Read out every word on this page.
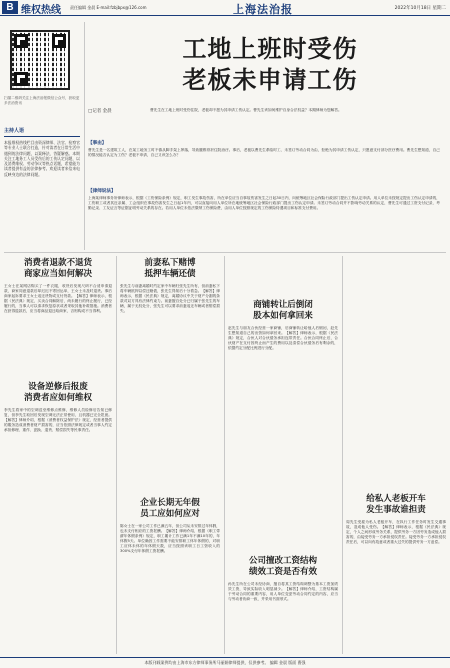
B 维权热线 责任编辑 金晨 E-mail:fzbjbpx@126.com	上海法治报	2022年10月18日 星期二
扫描二维码关注上海法治报微信公众号，获取更多法治资讯
主持人语
本报维权热线栏目由资深律师、法官、检察官等专业人士联合打造，针对读者在日常生活中遇到的法律问题，以案释法，答疑解惑。本期关注工地务工人员受伤后的工伤认定问题，以及消费维权、劳动争议等热点话题，希望能为读者提供有益的法律参考。欢迎读者来信来电反映身边的法律问题。
工地上班时受伤
老板未申请工伤
□记者 金晨	曹先生在工地上班时受伤住院，老板却不愿为其申请工伤认定。曹先生该如何维护自身合法权益？本期律师为您解答。
【事由】
曹先生是一名建筑工人，在某工地务工时不慎从脚手架上摔落，导致腰椎骨折住院治疗。事后，老板以曹先生系临时工、未签订劳动合同为由，拒绝为其申请工伤认定，只愿意支付部分医疗费用。曹先生想知道，自己的情况能否认定为工伤？老板不申请，自己又该怎么办？
【律师说法】
上海某律师事务所律师表示，根据《工伤保险条例》规定，职工发生事故伤害，所在单位应当自事故伤害发生之日起30日内，向统筹地区社会保险行政部门提出工伤认定申请。用人单位未按规定提出工伤认定申请的，工伤职工或者其近亲属、工会组织在事故伤害发生之日起1年内，可以直接向用人单位所在地统筹地区社会保险行政部门提出工伤认定申请。未签订劳动合同并不影响劳动关系的认定，曹先生可通过工资支付记录、考勤记录、工友证言等证据证明劳动关系的存在。若用人单位未依法缴纳工伤保险费，由用人单位按照规定的工伤保险待遇项目和标准支付费用。
消费者退款不退货
商家应当如何解决
王女士在某网店购买了一件衣服，收货后发现尺码不合适申请退款，商家同意退款后却迟迟不寄回运单，王女士未及时退货。事后商家起诉要求王女士返还货物或支付货款。【解答】律师表示，根据《民法典》规定，买卖合同解除后，尚未履行的终止履行，已经履行的，当事人可以请求恢复原状或者采取其他补救措施。消费者在获得退款后，应当将商品退还给商家，否则构成不当得利。
设备逆修后报废
消费者应如何维权
李先生将家中的空调送至维修点维修，维修人员检修后告知已修复，但李先生取回后发现空调无法正常使用，且机器已完全报废。【解答】律师介绍，根据《消费者权益保护法》规定，经营者提供的服务造成消费者财产损害的，应当依照法律规定或者当事人约定承担修理、重作、更换、退货、赔偿损失等民事责任。
前妻私下赌博
抵押车辆还债
张先生与前妻离婚时约定家中车辆归张先生所有，但前妻私下将车辆抵押以偿还赌债，张先生得知后十分着急。【解答】律师表示，根据《民法典》规定，离婚协议中关于财产分割的条款对双方具有法律约束力。前妻擅自处分已归属于张先生的车辆，属于无权处分，张先生可以要求前妻返还车辆或者赔偿损失。
企业长期无年假
员工应如何应对
陈女士在一家公司工作已满五年，但公司从未安排过年休假，也未支付相应的工资报酬。【解答】律师介绍，根据《职工带薪年休假条例》规定，职工累计工作已满1年不满10年的，年休假5天。单位确因工作需要不能安排职工休年休假的，对职工应休未休的年休假天数，应当按照该职工日工资收入的300%支付年休假工资报酬。
商铺转让后倒闭
股本如何拿回来
赵先生与朋友合伙经营一家商铺，后商铺转让给他人后倒闭，赵先生想知道自己的出资如何拿回来。【解答】律师表示，根据《民法典》规定，合伙人对合伙债务承担连带责任。合伙合同终止后，合伙财产在支付因终止而产生的费用以及清偿合伙债务后有剩余的，依据约定分配比例进行分配。
公司擅改工资结构
绩效工资是否有效
孙先生所在公司未经协商，擅自将其工资结构调整为基本工资加绩效工资，导致实际收入明显减少。【解答】律师介绍，工资结构属于劳动合同的重要内容，用人单位变更劳动合同约定的内容，应当与劳动者协商一致，并采用书面形式。
给私人老板开车
发生事故谁担责
周先生受雇为私人老板开车，在执行工作任务时发生交通事故，造成他人受伤。【解答】律师表示，根据《民法典》规定，个人之间形成劳务关系，提供劳务一方因劳务造成他人损害的，由接受劳务一方承担侵权责任。接受劳务一方承担侵权责任后，可以向有故意或者重大过失的提供劳务一方追偿。
本版刊载案例均由上海市东方律师事务所马丽娟律师提供，仅供参考。 编辑 金晨 版面 曹强
